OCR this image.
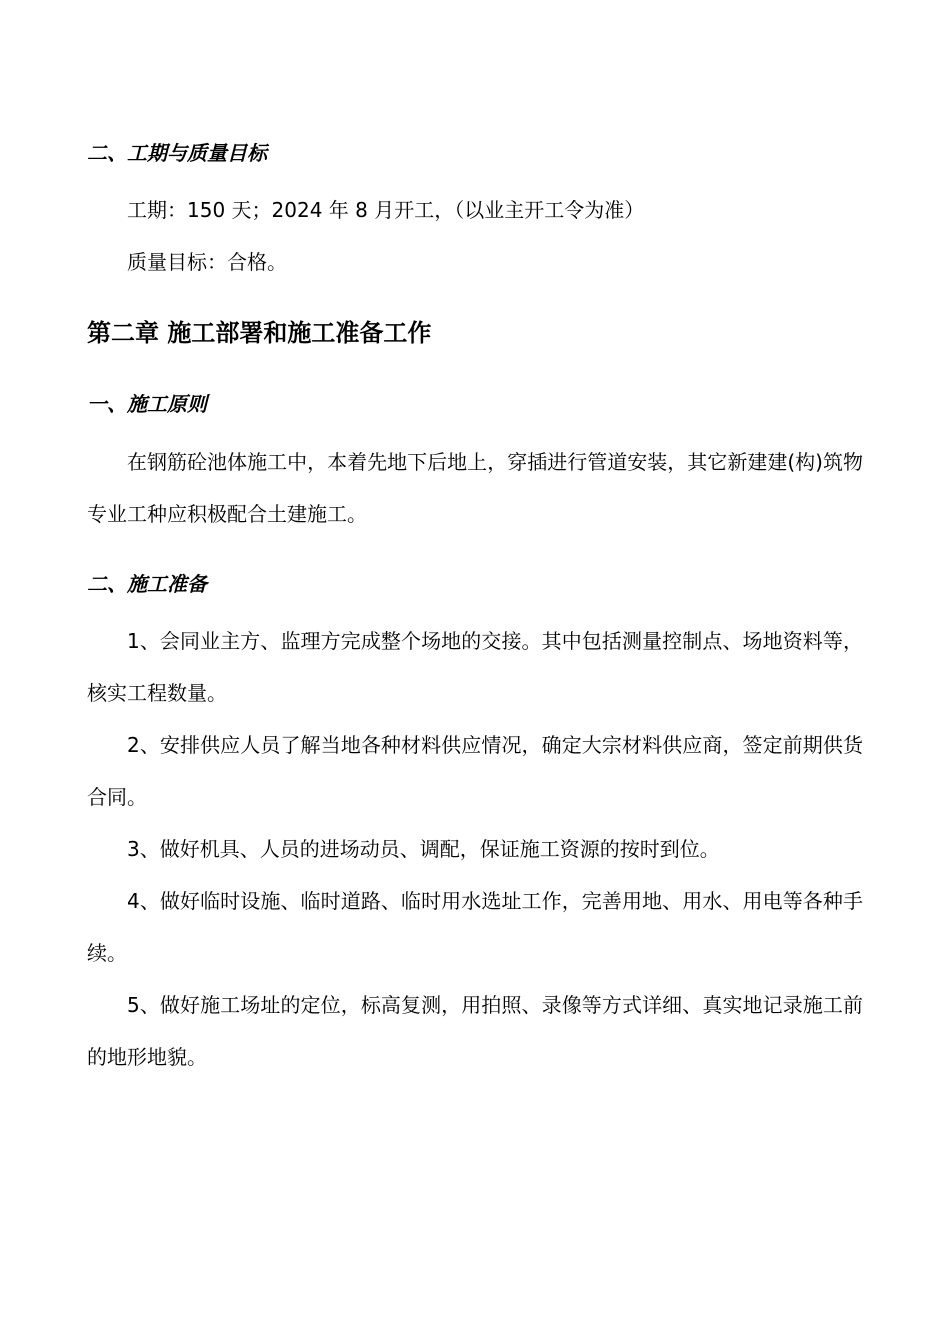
二、工期与质量目标
工期：150 天；2024 年 8 月开工，（以业主开工令为准）
质量目标：合格。
第二章 施工部署和施工准备工作
一、施工原则
在钢筋砼池体施工中，本着先地下后地上，穿插进行管道安装，其它新建建(构)筑物专业工种应积极配合土建施工。
二、施工准备
1、会同业主方、监理方完成整个场地的交接。其中包括测量控制点、场地资料等，核实工程数量。
2、安排供应人员了解当地各种材料供应情况，确定大宗材料供应商，签定前期供货合同。
3、做好机具、人员的进场动员、调配，保证施工资源的按时到位。
4、做好临时设施、临时道路、临时用水选址工作，完善用地、用水、用电等各种手续。
5、做好施工场址的定位，标高复测，用拍照、录像等方式详细、真实地记录施工前的地形地貌。
